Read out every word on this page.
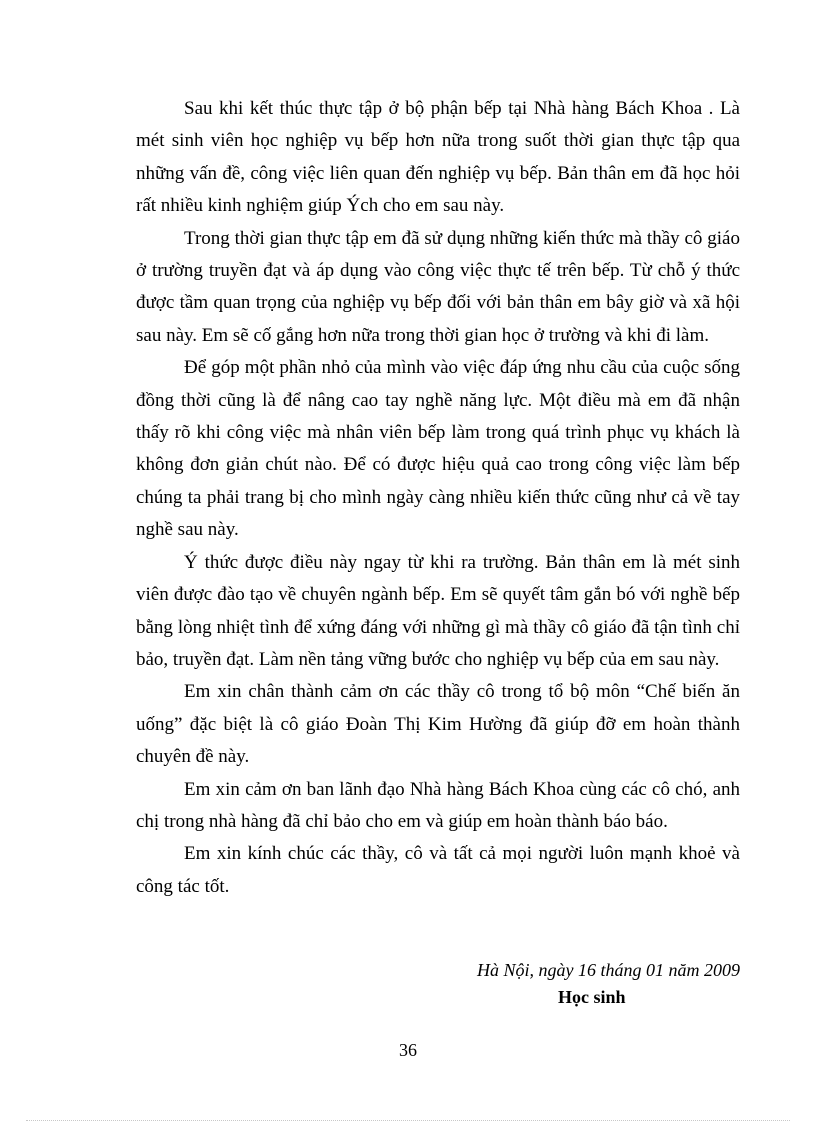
Sau khi kết thúc thực tập ở bộ phận bếp tại Nhà hàng Bách Khoa . Là mét sinh viên học nghiệp vụ bếp hơn nữa trong suốt thời gian thực tập qua những vấn đề, công việc liên quan đến nghiệp vụ bếp. Bản thân em đã học hỏi rất nhiều kinh nghiệm giúp Ých cho em sau này.

Trong thời gian thực tập em đã sử dụng những kiến thức mà thầy cô giáo ở trường truyền đạt và áp dụng vào công việc thực tế trên bếp. Từ chỗ ý thức được tầm quan trọng của nghiệp vụ bếp đối với bản thân em bây giờ và xã hội sau này. Em sẽ cố gắng hơn nữa trong thời gian học ở trường và khi đi làm.

Để góp một phần nhỏ của mình vào việc đáp ứng nhu cầu của cuộc sống đồng thời cũng là để nâng cao tay nghề năng lực. Một điều mà em đã nhận thấy rõ khi công việc mà nhân viên bếp làm trong quá trình phục vụ khách là không đơn giản chút nào. Để có được hiệu quả cao trong công việc làm bếp chúng ta phải trang bị cho mình ngày càng nhiều kiến thức cũng như cả về tay nghề sau này.

Ý thức được điều này ngay từ khi ra trường. Bản thân em là mét sinh viên được đào tạo về chuyên ngành bếp. Em sẽ quyết tâm gắn bó với nghề bếp bằng lòng nhiệt tình để xứng đáng với những gì mà thầy cô giáo đã tận tình chỉ bảo, truyền đạt. Làm nền tảng vững bước cho nghiệp vụ bếp của em sau này.

Em xin chân thành cảm ơn các thầy cô trong tổ bộ môn “Chế biến ăn uống” đặc biệt là cô giáo Đoàn Thị Kim Hường đã giúp đỡ em hoàn thành chuyên đề này.

Em xin cảm ơn ban lãnh đạo Nhà hàng Bách Khoa cùng các cô chó, anh chị trong nhà hàng đã chỉ bảo cho em và giúp em hoàn thành báo báo.

Em xin kính chúc các thầy, cô và tất cả mọi người luôn mạnh khoẻ và công tác tốt.

Hà Nội, ngày 16 tháng 01 năm 2009

Học sinh

36
